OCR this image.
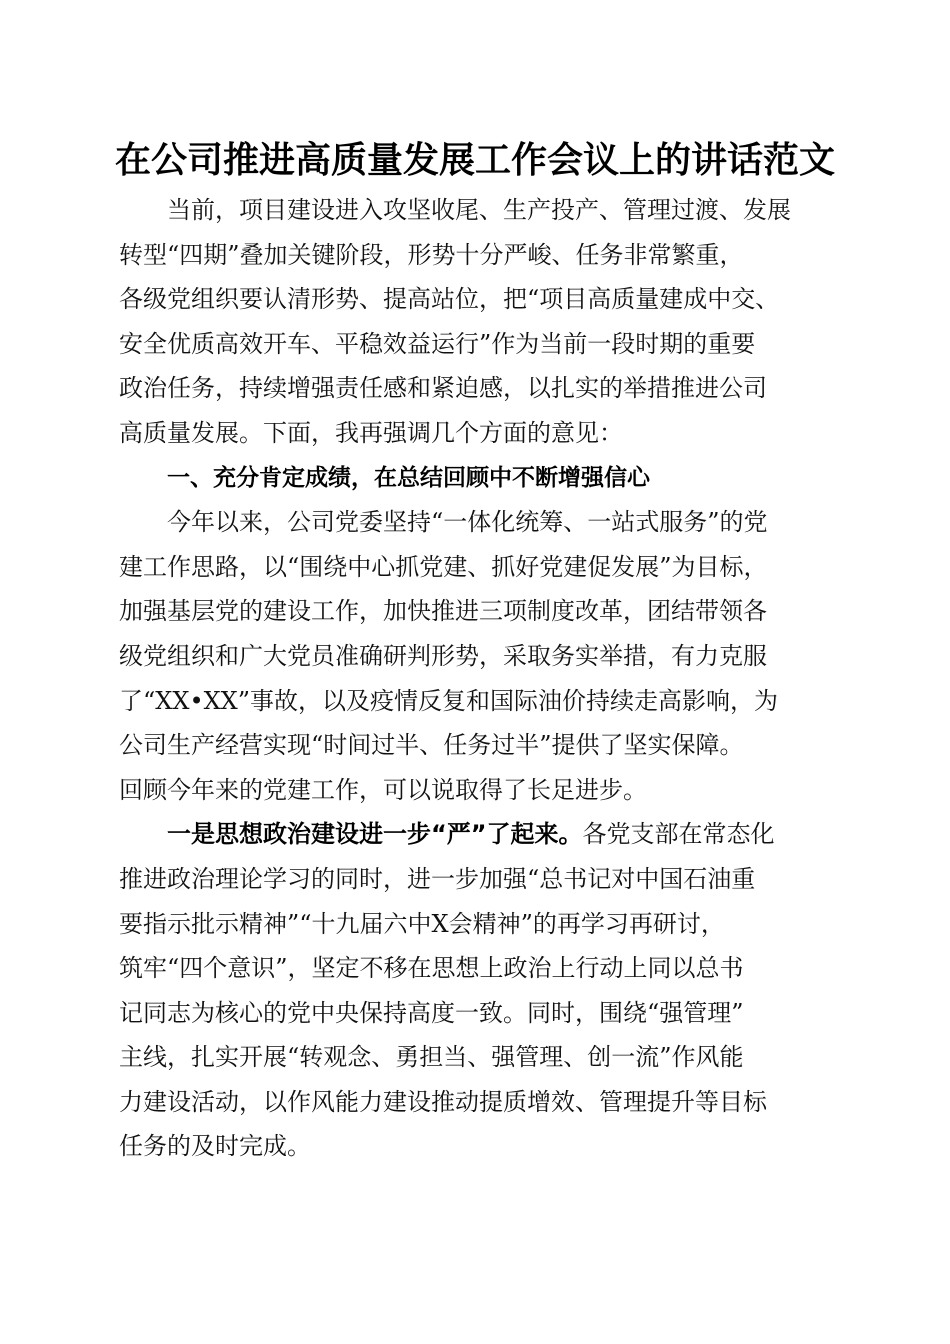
在公司推进高质量发展工作会议上的讲话范文
当前，项目建设进入攻坚收尾、生产投产、管理过渡、发展
转型“四期”叠加关键阶段，形势十分严峻、任务非常繁重，
各级党组织要认清形势、提高站位，把“项目高质量建成中交、
安全优质高效开车、平稳效益运行”作为当前一段时期的重要
政治任务，持续增强责任感和紧迫感，以扎实的举措推进公司
高质量发展。下面，我再强调几个方面的意见：
一、充分肯定成绩，在总结回顾中不断增强信心
今年以来，公司党委坚持“一体化统筹、一站式服务”的党
建工作思路，以“围绕中心抓党建、抓好党建促发展”为目标，
加强基层党的建设工作，加快推进三项制度改革，团结带领各
级党组织和广大党员准确研判形势，采取务实举措，有力克服
了“XX•XX”事故，以及疫情反复和国际油价持续走高影响，为
公司生产经营实现“时间过半、任务过半”提供了坚实保障。
回顾今年来的党建工作，可以说取得了长足进步。
一是思想政治建设进一步“严”了起来。各党支部在常态化
推进政治理论学习的同时，进一步加强“总书记对中国石油重
要指示批示精神”“十九届六中X会精神”的再学习再研讨，
筑牢“四个意识”，坚定不移在思想上政治上行动上同以总书
记同志为核心的党中央保持高度一致。同时，围绕“强管理”
主线，扎实开展“转观念、勇担当、强管理、创一流”作风能
力建设活动，以作风能力建设推动提质增效、管理提升等目标
任务的及时完成。
